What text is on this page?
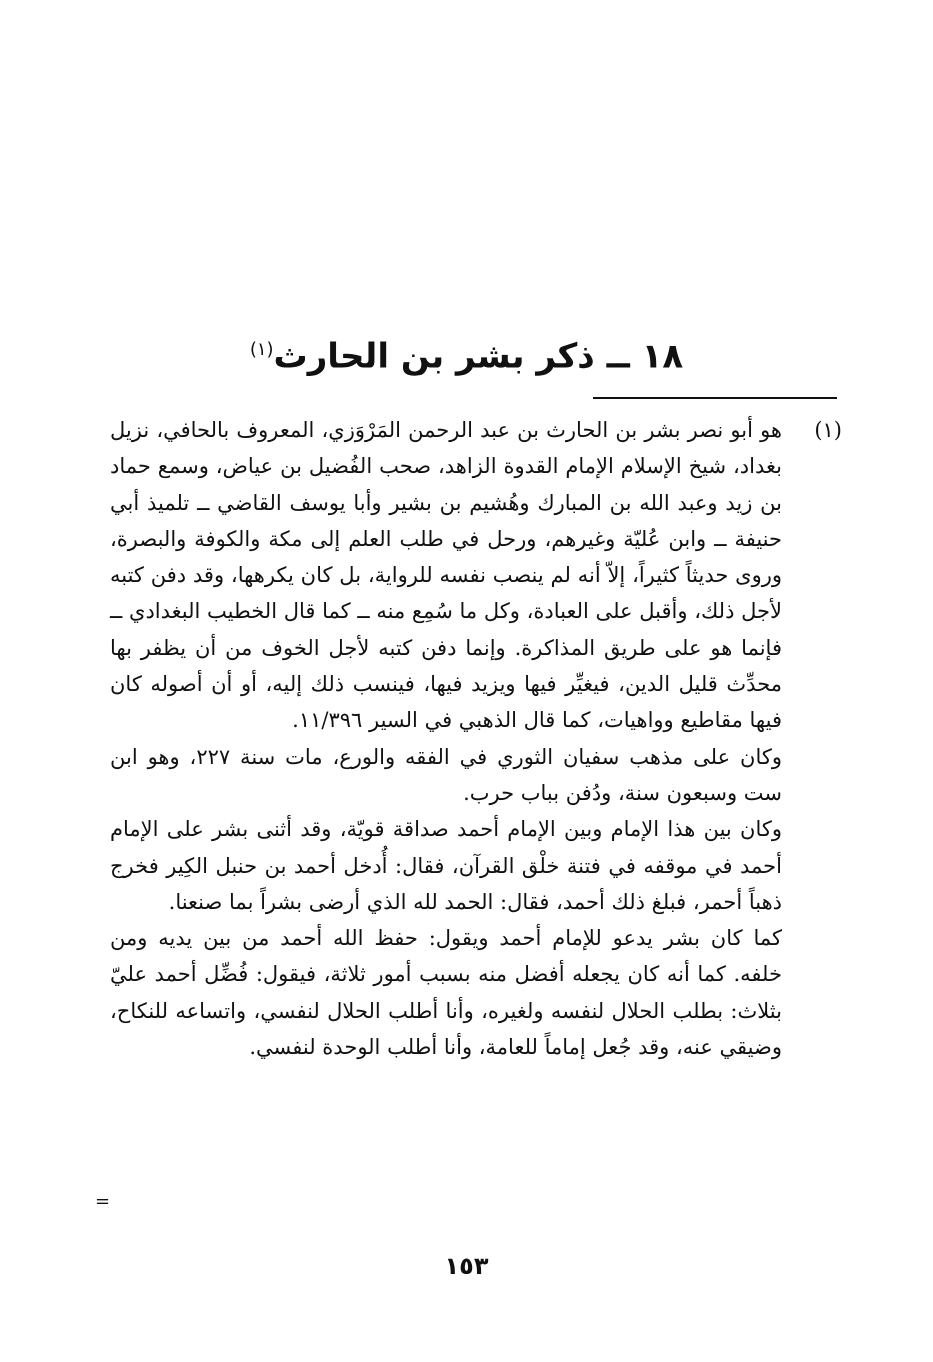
١٨ ــ ذكر بشر بن الحارث$^{(١)}$
(١)

هو أبو نصر بشر بن الحارث بن عبد الرحمن المَرْوَزي، المعروف بالحافي، نزيل بغداد، شيخ الإسلام الإمام القدوة الزاهد، صحب الفُضيل بن عياض، وسمع حماد بن زيد وعبد الله بن المبارك وهُشيم بن بشير وأبا يوسف القاضي ــ تلميذ أبي حنيفة ــ وابن عُليّة وغيرهم، ورحل في طلب العلم إلى مكة والكوفة والبصرة، وروى حديثاً كثيراً، إلاّ أنه لم ينصب نفسه للرواية، بل كان يكرهها، وقد دفن كتبه لأجل ذلك، وأقبل على العبادة، وكل ما سُمِع منه ــ كما قال الخطيب البغدادي ــ فإنما هو على طريق المذاكرة. وإنما دفن كتبه لأجل الخوف من أن يظفر بها محدِّث قليل الدين، فيغيِّر فيها ويزيد فيها، فينسب ذلك إليه، أو أن أصوله كان فيها مقاطيع وواهيات، كما قال الذهبي في السير ١١/٣٩٦.

وكان على مذهب سفيان الثوري في الفقه والورع، مات سنة ٢٢٧، وهو ابن ست وسبعون سنة، ودُفن بباب حرب.

وكان بين هذا الإمام وبين الإمام أحمد صداقة قويّة، وقد أثنى بشر على الإمام أحمد في موقفه في فتنة خلْق القرآن، فقال: أُدخل أحمد بن حنبل الكِير فخرج ذهباً أحمر، فبلغ ذلك أحمد، فقال: الحمد لله الذي أرضى بشراً بما صنعنا.

كما كان بشر يدعو للإمام أحمد ويقول: حفظ الله أحمد من بين يديه ومن خلفه. كما أنه كان يجعله أفضل منه بسبب أمور ثلاثة، فيقول: فُضِّل أحمد عليّ بثلاث: بطلب الحلال لنفسه ولغيره، وأنا أطلب الحلال لنفسي، واتساعه للنكاح، وضيقي عنه، وقد جُعل إماماً للعامة، وأنا أطلب الوحدة لنفسي.

=
١٥٣
